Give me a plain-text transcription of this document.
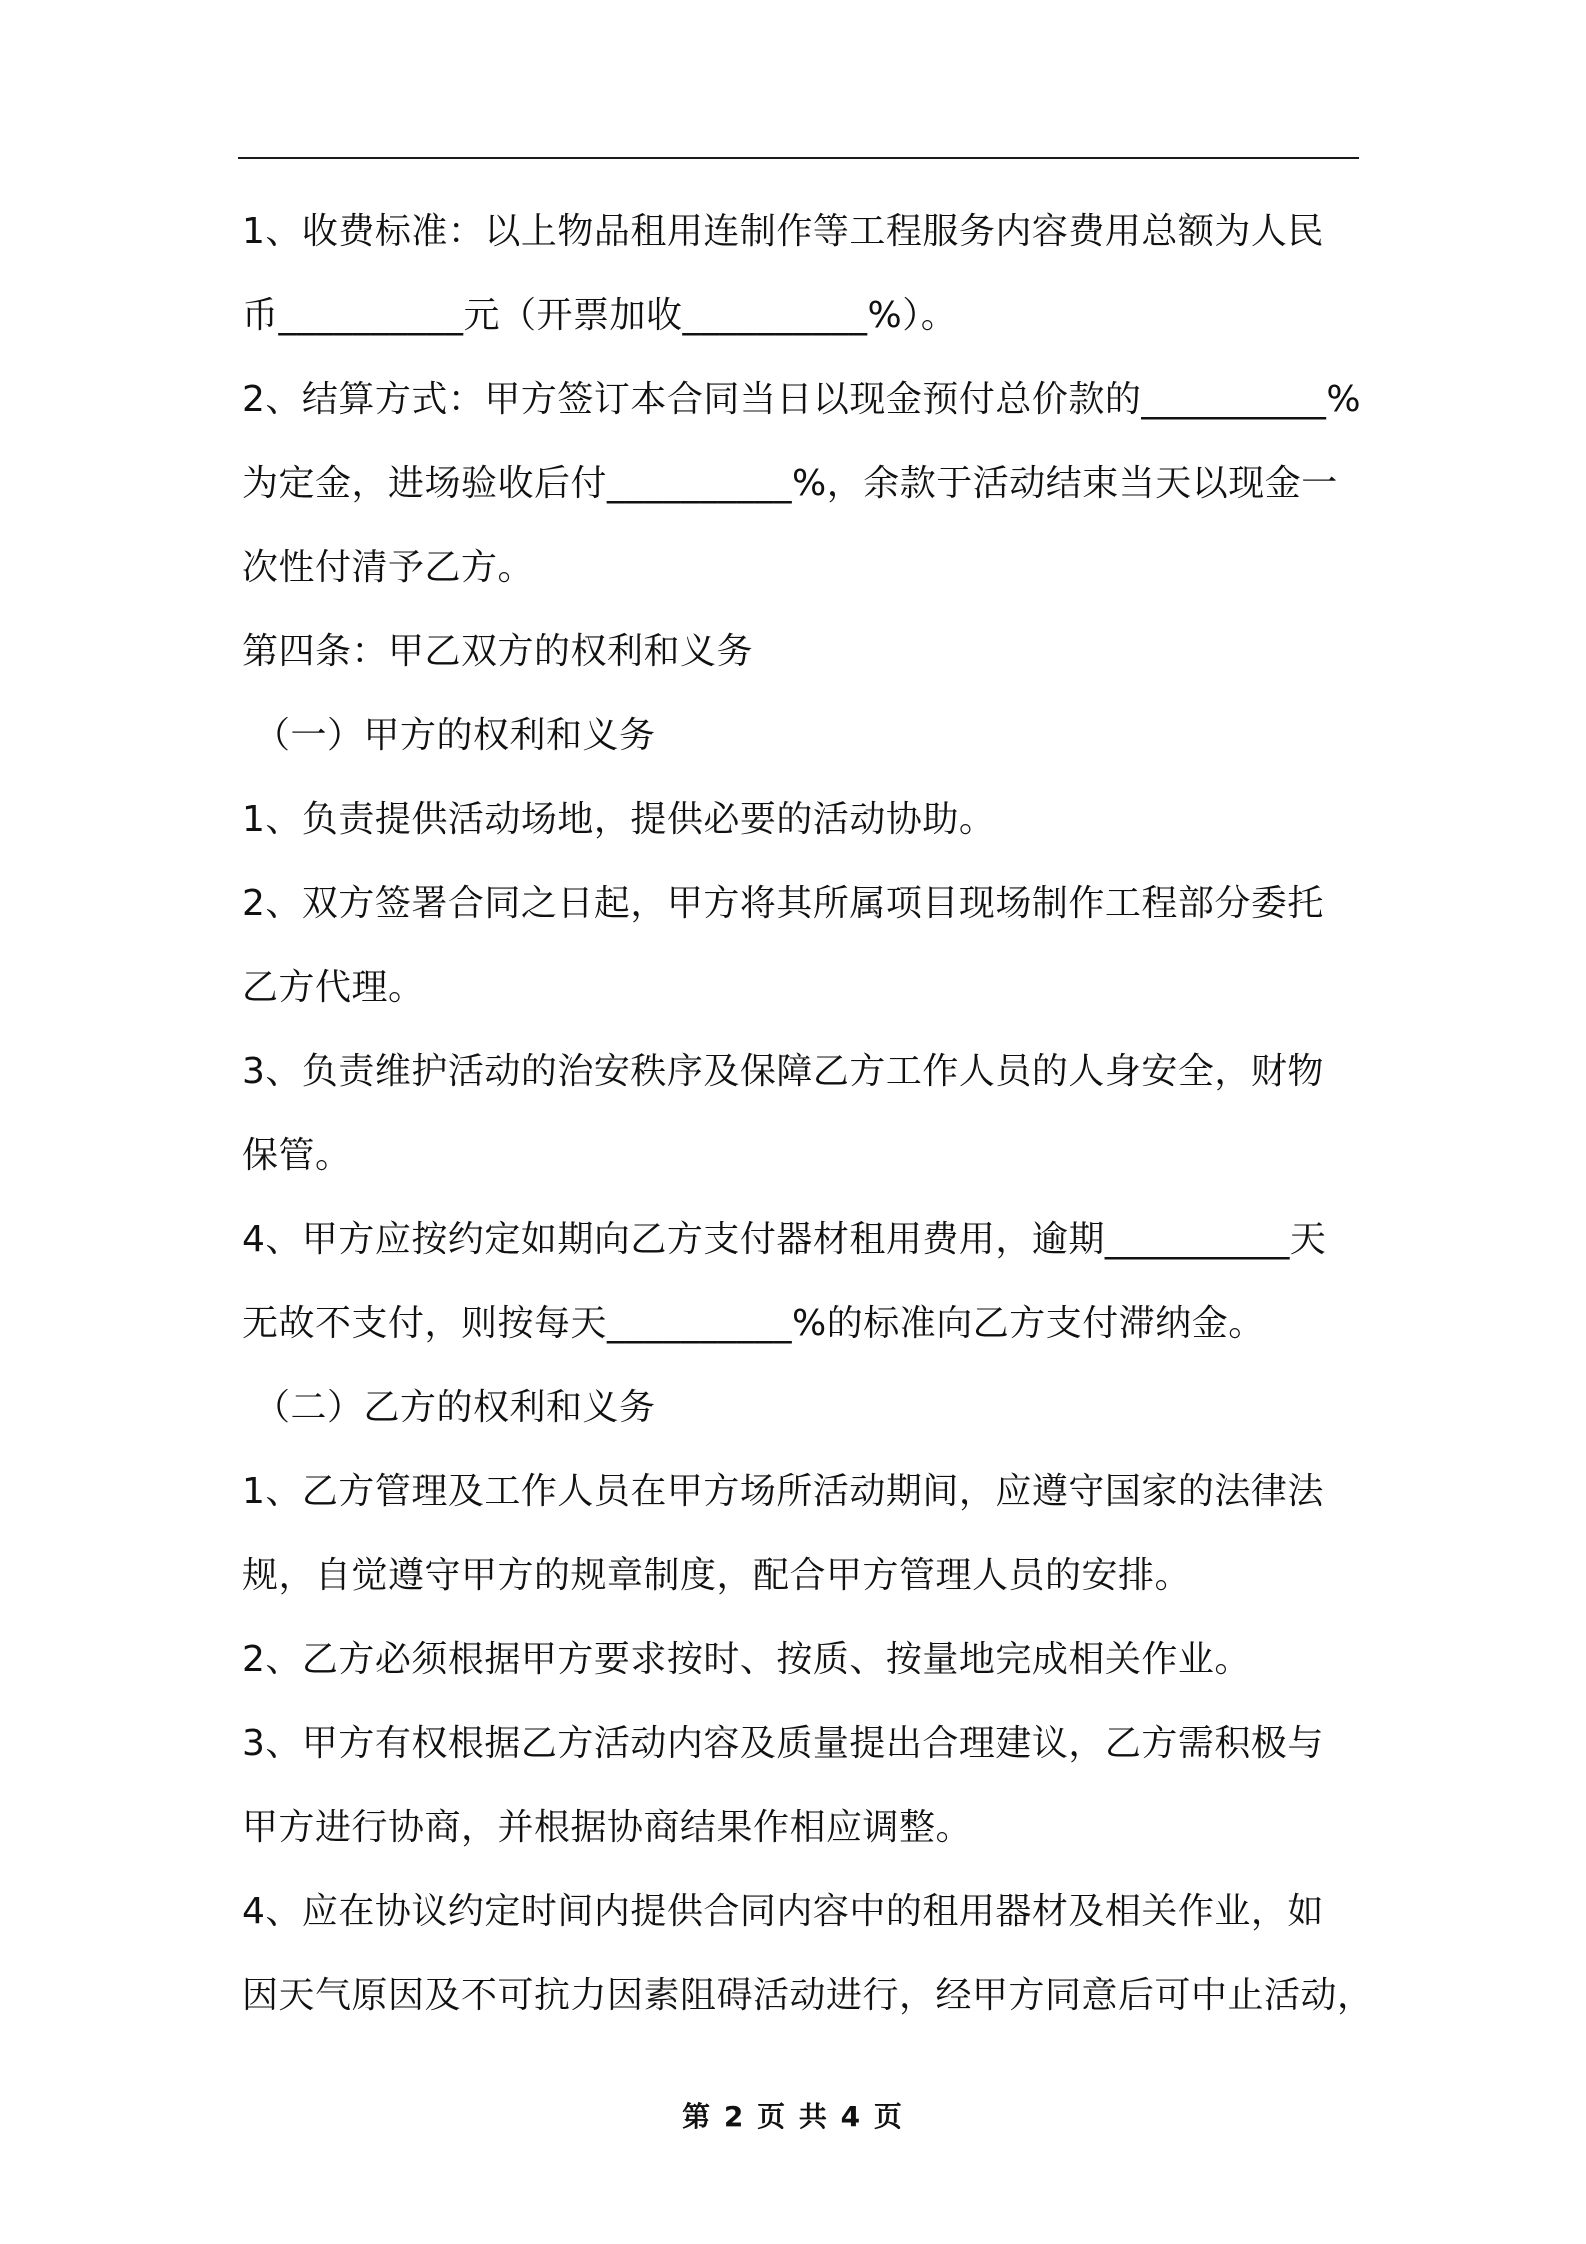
1、收费标准：以上物品租用连制作等工程服务内容费用总额为人民
币__________元（开票加收__________%）。
2、结算方式：甲方签订本合同当日以现金预付总价款的__________%
为定金，进场验收后付__________%，余款于活动结束当天以现金一
次性付清予乙方。
第四条：甲乙双方的权利和义务
（一）甲方的权利和义务
1、负责提供活动场地，提供必要的活动协助。
2、双方签署合同之日起，甲方将其所属项目现场制作工程部分委托
乙方代理。
3、负责维护活动的治安秩序及保障乙方工作人员的人身安全，财物
保管。
4、甲方应按约定如期向乙方支付器材租用费用，逾期__________天
无故不支付，则按每天__________%的标准向乙方支付滞纳金。
（二）乙方的权利和义务
1、乙方管理及工作人员在甲方场所活动期间，应遵守国家的法律法
规，自觉遵守甲方的规章制度，配合甲方管理人员的安排。
2、乙方必须根据甲方要求按时、按质、按量地完成相关作业。
3、甲方有权根据乙方活动内容及质量提出合理建议，乙方需积极与
甲方进行协商，并根据协商结果作相应调整。
4、应在协议约定时间内提供合同内容中的租用器材及相关作业，如
因天气原因及不可抗力因素阻碍活动进行，经甲方同意后可中止活动，
第 2 页 共 4 页
